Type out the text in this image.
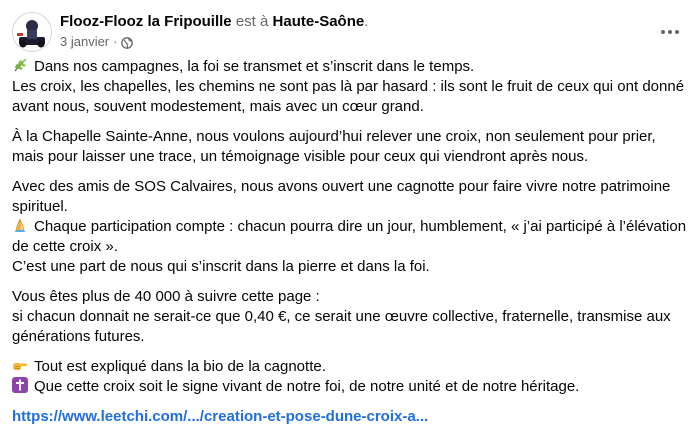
Flooz-Flooz la Fripouille est à Haute-Saône.
3 janvier ·

Dans nos campagnes, la foi se transmet et s’inscrit dans le temps.
Les croix, les chapelles, les chemins ne sont pas là par hasard : ils sont le fruit de ceux qui ont donné avant nous, souvent modestement, mais avec un cœur grand.

À la Chapelle Sainte-Anne, nous voulons aujourd’hui relever une croix, non seulement pour prier, mais pour laisser une trace, un témoignage visible pour ceux qui viendront après nous.

Avec des amis de SOS Calvaires, nous avons ouvert une cagnotte pour faire vivre notre patrimoine spirituel.
Chaque participation compte : chacun pourra dire un jour, humblement, « j’ai participé à l’élévation de cette croix ».
C’est une part de nous qui s’inscrit dans la pierre et dans la foi.

Vous êtes plus de 40 000 à suivre cette page :
si chacun donnait ne serait-ce que 0,40 €, ce serait une œuvre collective, fraternelle, transmise aux générations futures.

Tout est expliqué dans la bio de la cagnotte.
Que cette croix soit le signe vivant de notre foi, de notre unité et de notre héritage.

https://www.leetchi.com/.../creation-et-pose-dune-croix-a...
